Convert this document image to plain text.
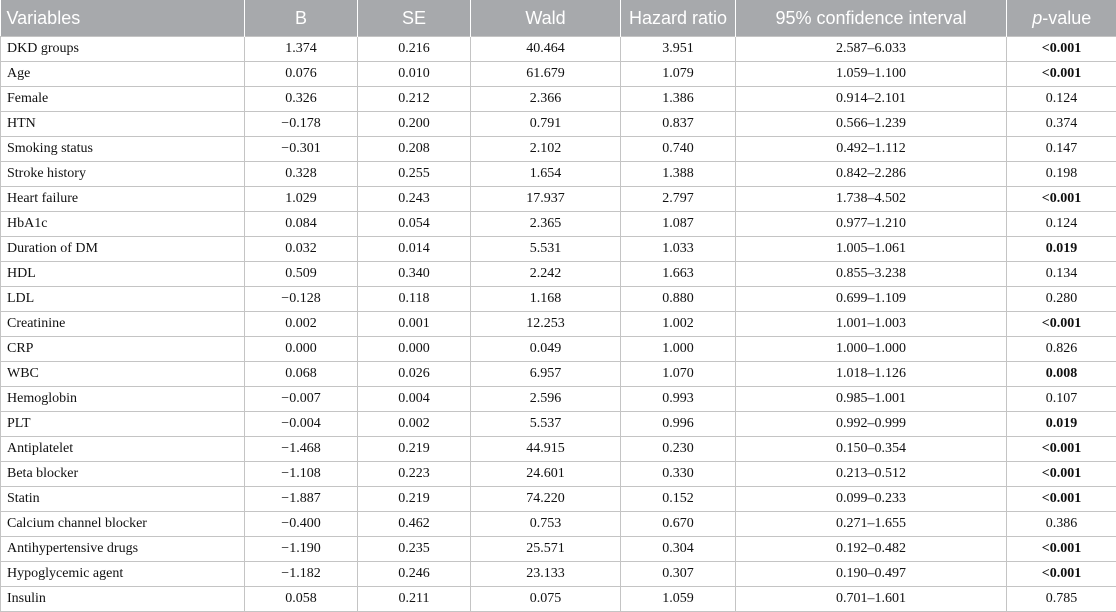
Variables	B	SE	Wald	Hazard ratio	95% confidence interval	p-value
DKD groups	1.374	0.216	40.464	3.951	2.587–6.033	<0.001
Age	0.076	0.010	61.679	1.079	1.059–1.100	<0.001
Female	0.326	0.212	2.366	1.386	0.914–2.101	0.124
HTN	−0.178	0.200	0.791	0.837	0.566–1.239	0.374
Smoking status	−0.301	0.208	2.102	0.740	0.492–1.112	0.147
Stroke history	0.328	0.255	1.654	1.388	0.842–2.286	0.198
Heart failure	1.029	0.243	17.937	2.797	1.738–4.502	<0.001
HbA1c	0.084	0.054	2.365	1.087	0.977–1.210	0.124
Duration of DM	0.032	0.014	5.531	1.033	1.005–1.061	0.019
HDL	0.509	0.340	2.242	1.663	0.855–3.238	0.134
LDL	−0.128	0.118	1.168	0.880	0.699–1.109	0.280
Creatinine	0.002	0.001	12.253	1.002	1.001–1.003	<0.001
CRP	0.000	0.000	0.049	1.000	1.000–1.000	0.826
WBC	0.068	0.026	6.957	1.070	1.018–1.126	0.008
Hemoglobin	−0.007	0.004	2.596	0.993	0.985–1.001	0.107
PLT	−0.004	0.002	5.537	0.996	0.992–0.999	0.019
Antiplatelet	−1.468	0.219	44.915	0.230	0.150–0.354	<0.001
Beta blocker	−1.108	0.223	24.601	0.330	0.213–0.512	<0.001
Statin	−1.887	0.219	74.220	0.152	0.099–0.233	<0.001
Calcium channel blocker	−0.400	0.462	0.753	0.670	0.271–1.655	0.386
Antihypertensive drugs	−1.190	0.235	25.571	0.304	0.192–0.482	<0.001
Hypoglycemic agent	−1.182	0.246	23.133	0.307	0.190–0.497	<0.001
Insulin	0.058	0.211	0.075	1.059	0.701–1.601	0.785
